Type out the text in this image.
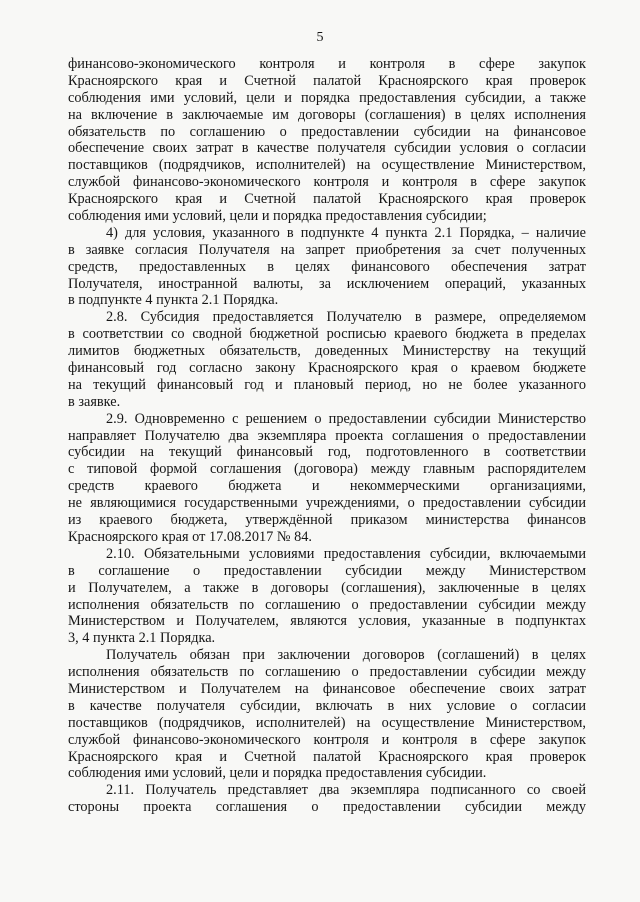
5
финансово-экономического контроля и контроля в сфере закупок
Красноярского края и Счетной палатой Красноярского края проверок
соблюдения ими условий, цели и порядка предоставления субсидии, а также
на включение в заключаемые им договоры (соглашения) в целях исполнения
обязательств по соглашению о предоставлении субсидии на финансовое
обеспечение своих затрат в качестве получателя субсидии условия о согласии
поставщиков (подрядчиков, исполнителей) на осуществление Министерством,
службой финансово-экономического контроля и контроля в сфере закупок
Красноярского края и Счетной палатой Красноярского края проверок
соблюдения ими условий, цели и порядка предоставления субсидии;
4) для условия, указанного в подпункте 4 пункта 2.1 Порядка, – наличие
в заявке согласия Получателя на запрет приобретения за счет полученных
средств, предоставленных в целях финансового обеспечения затрат
Получателя, иностранной валюты, за исключением операций, указанных
в подпункте 4 пункта 2.1 Порядка.
2.8. Субсидия предоставляется Получателю в размере, определяемом
в соответствии со сводной бюджетной росписью краевого бюджета в пределах
лимитов бюджетных обязательств, доведенных Министерству на текущий
финансовый год согласно закону Красноярского края о краевом бюджете
на текущий финансовый год и плановый период, но не более указанного
в заявке.
2.9. Одновременно с решением о предоставлении субсидии Министерство
направляет Получателю два экземпляра проекта соглашения о предоставлении
субсидии на текущий финансовый год, подготовленного в соответствии
с типовой формой соглашения (договора) между главным распорядителем
средств краевого бюджета и некоммерческими организациями,
не являющимися государственными учреждениями, о предоставлении субсидии
из краевого бюджета, утверждённой приказом министерства финансов
Красноярского края от 17.08.2017 № 84.
2.10. Обязательными условиями предоставления субсидии, включаемыми
в соглашение о предоставлении субсидии между Министерством
и Получателем, а также в договоры (соглашения), заключенные в целях
исполнения обязательств по соглашению о предоставлении субсидии между
Министерством и Получателем, являются условия, указанные в подпунктах
3, 4 пункта 2.1 Порядка.
Получатель обязан при заключении договоров (соглашений) в целях
исполнения обязательств по соглашению о предоставлении субсидии между
Министерством и Получателем на финансовое обеспечение своих затрат
в качестве получателя субсидии, включать в них условие о согласии
поставщиков (подрядчиков, исполнителей) на осуществление Министерством,
службой финансово-экономического контроля и контроля в сфере закупок
Красноярского края и Счетной палатой Красноярского края проверок
соблюдения ими условий, цели и порядка предоставления субсидии.
2.11. Получатель представляет два экземпляра подписанного со своей
стороны проекта соглашения о предоставлении субсидии между
